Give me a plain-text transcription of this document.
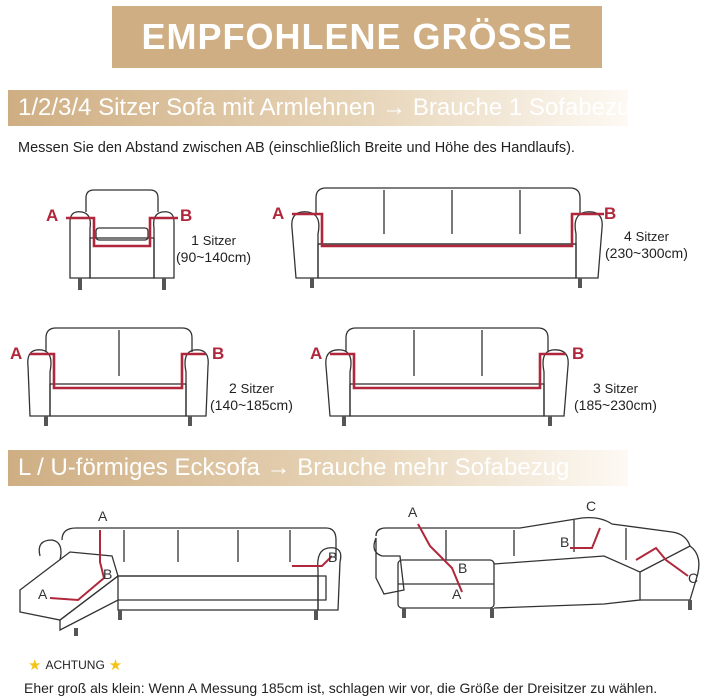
EMPFOHLENE GRÖSSE
1/2/3/4 Sitzer Sofa mit Armlehnen → Brauche 1 Sofabezug
Messen Sie den Abstand zwischen AB (einschließlich Breite und Höhe des Handlaufs).
A	B
1 Sitzer
(90~140cm)
A	B
4 Sitzer
(230~300cm)
A	B
2 Sitzer
(140~185cm)
A	B
3 Sitzer
(185~230cm)
L / U-förmiges Ecksofa → Brauche mehr Sofabezug
A
A
B
B
A
A
B
B
C
C
★ ACHTUNG ★
Eher groß als klein: Wenn A Messung 185cm ist, schlagen wir vor, die Größe der Dreisitzer zu wählen.
